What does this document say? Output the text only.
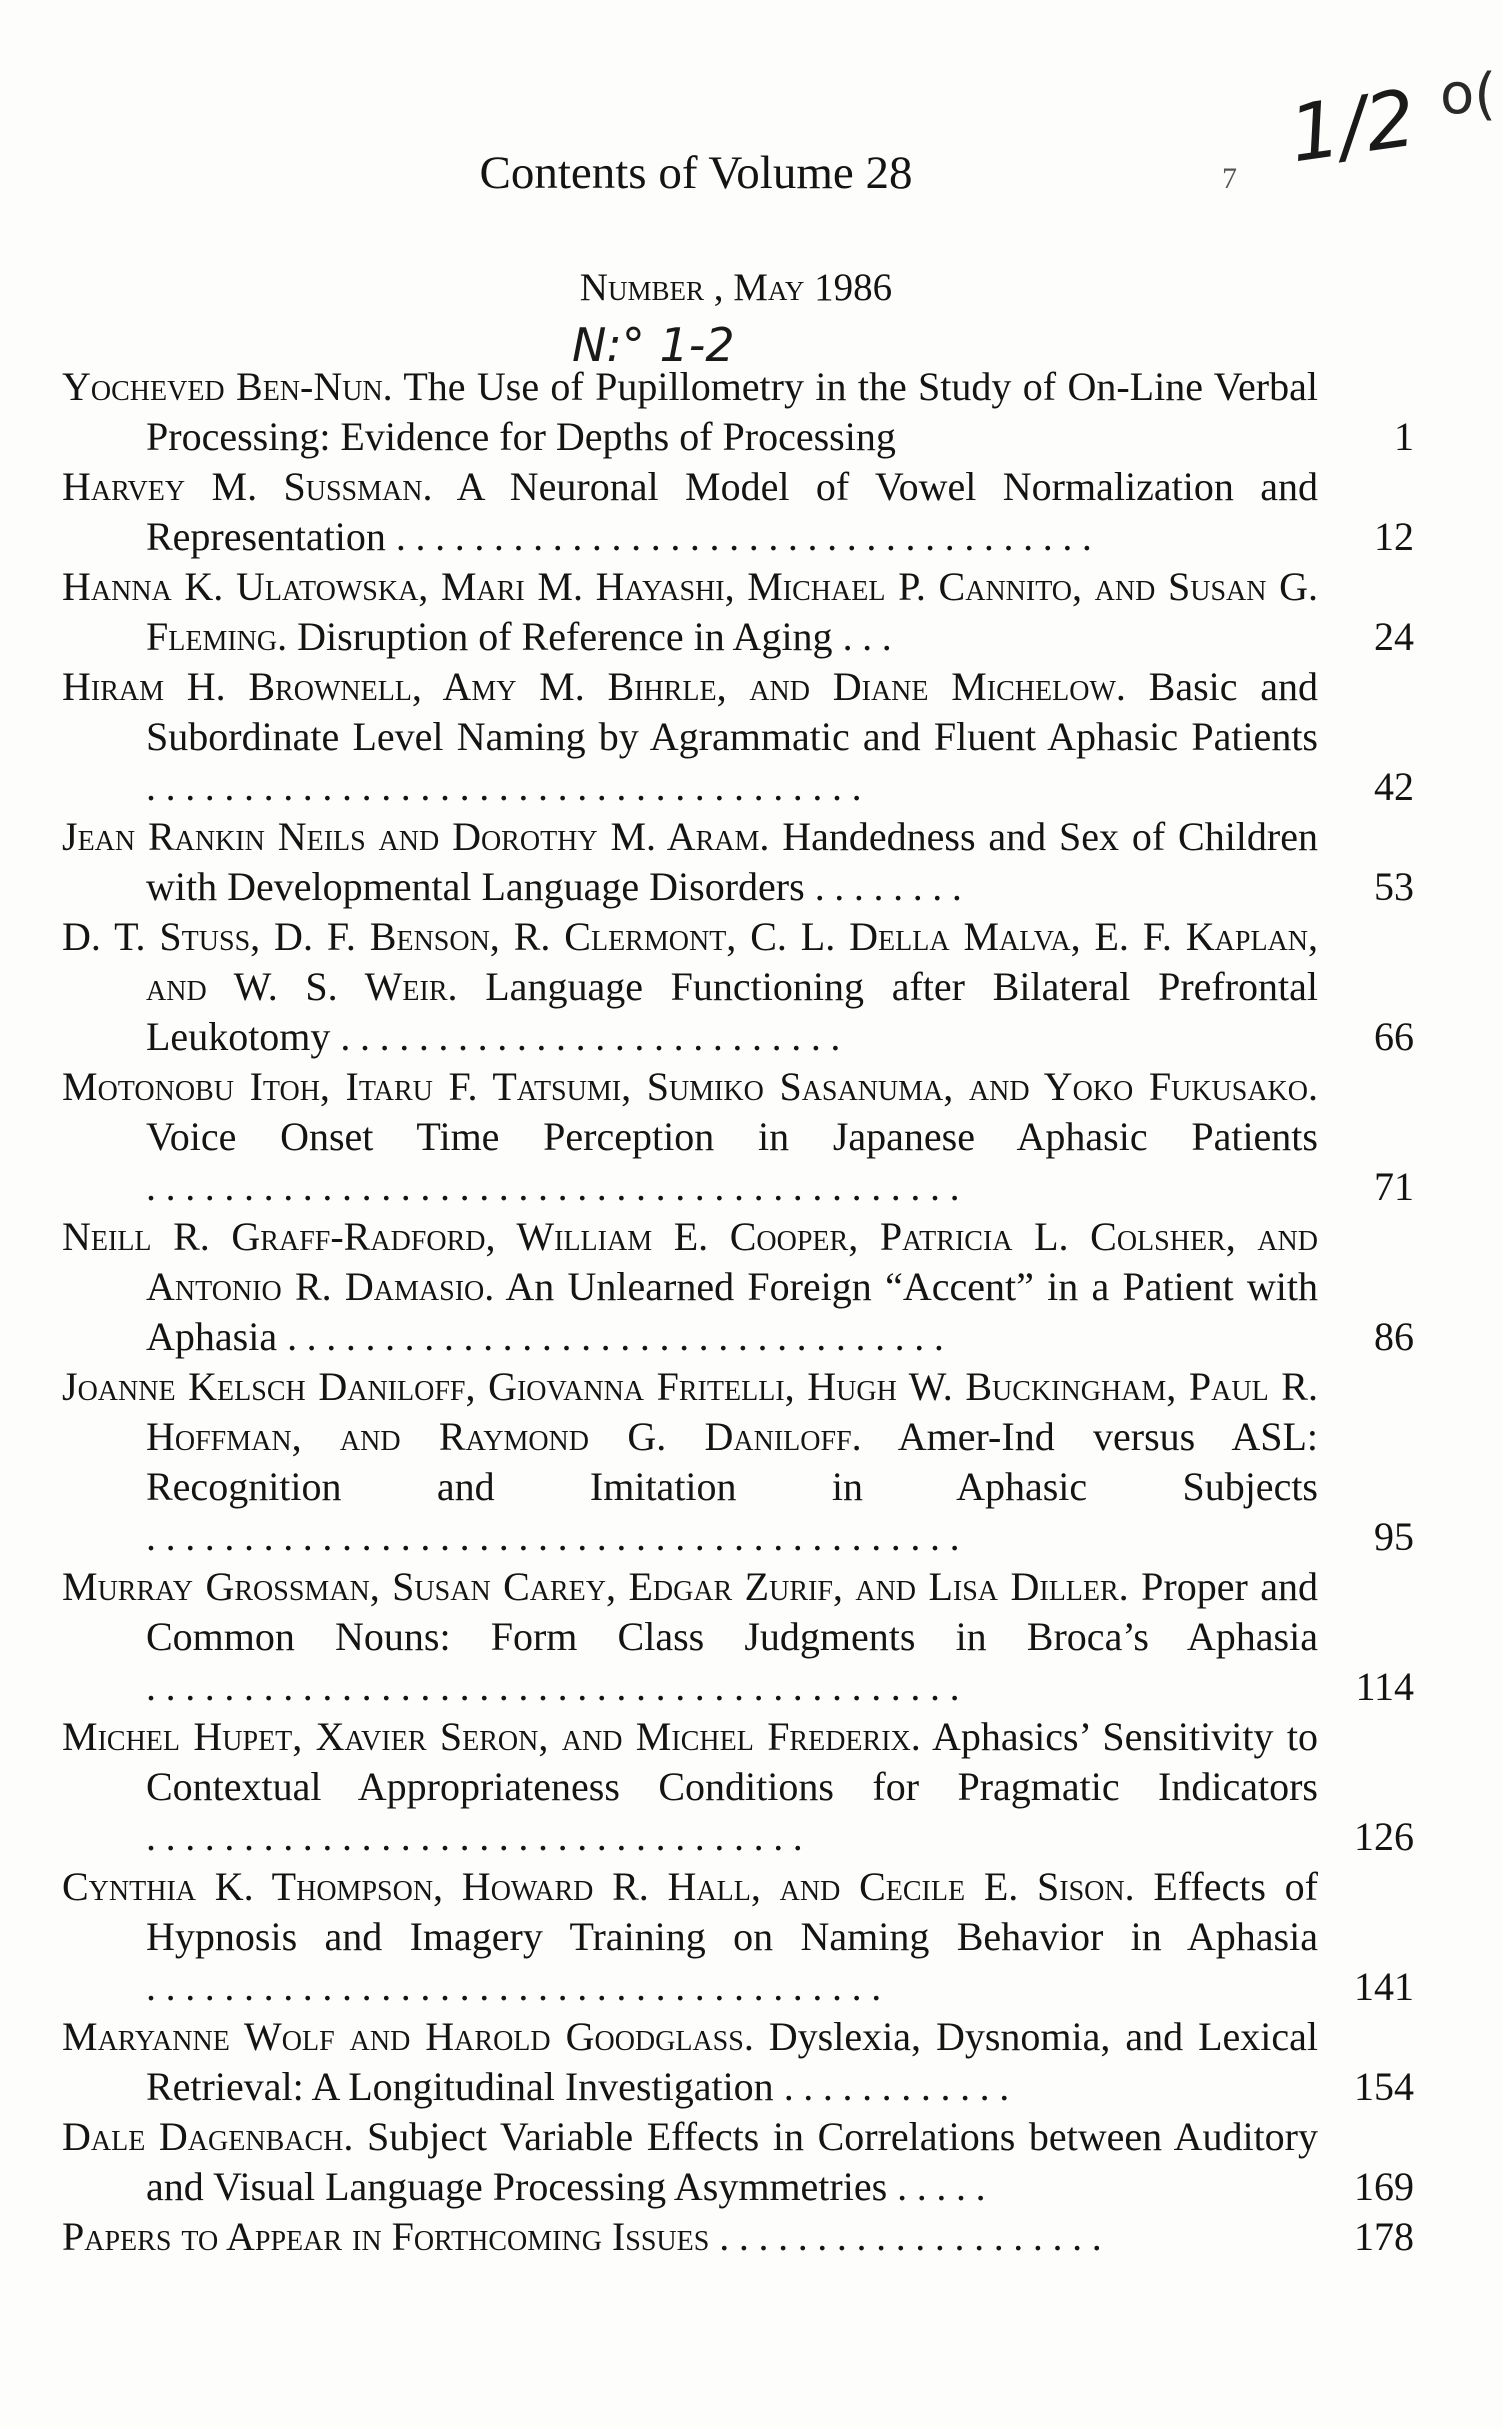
Contents of Volume 28	7 1/2 o(
Number , May 1986
N:° 1-2
Yocheved Ben-Nun. The Use of Pupillometry in the Study of On-Line Verbal Processing: Evidence for Depths of Processing	1
Harvey M. Sussman. A Neuronal Model of Vowel Normalization and Representation ....................................	12
Hanna K. Ulatowska, Mari M. Hayashi, Michael P. Cannito, and Susan G. Fleming. Disruption of Reference in Aging ...	24
Hiram H. Brownell, Amy M. Bihrle, and Diane Michelow. Basic and Subordinate Level Naming by Agrammatic and Fluent Aphasic Patients .....................................	42
Jean Rankin Neils and Dorothy M. Aram. Handedness and Sex of Children with Developmental Language Disorders ........	53
D. T. Stuss, D. F. Benson, R. Clermont, C. L. Della Malva, E. F. Kaplan, and W. S. Weir. Language Functioning after Bilateral Prefrontal Leukotomy ..........................	66
Motonobu Itoh, Itaru F. Tatsumi, Sumiko Sasanuma, and Yoko Fukusako. Voice Onset Time Perception in Japanese Aphasic Patients ..........................................	71
Neill R. Graff-Radford, William E. Cooper, Patricia L. Colsher, and Antonio R. Damasio. An Unlearned Foreign “Accent” in a Patient with Aphasia ..................................	86
Joanne Kelsch Daniloff, Giovanna Fritelli, Hugh W. Buckingham, Paul R. Hoffman, and Raymond G. Daniloff. Amer-Ind versus ASL: Recognition and Imitation in Aphasic Subjects ..........................................	95
Murray Grossman, Susan Carey, Edgar Zurif, and Lisa Diller. Proper and Common Nouns: Form Class Judgments in Broca’s Aphasia ..........................................	114
Michel Hupet, Xavier Seron, and Michel Frederix. Aphasics’ Sensitivity to Contextual Appropriateness Conditions for Pragmatic Indicators ..................................	126
Cynthia K. Thompson, Howard R. Hall, and Cecile E. Sison. Effects of Hypnosis and Imagery Training on Naming Behavior in Aphasia ......................................	141
Maryanne Wolf and Harold Goodglass. Dyslexia, Dysnomia, and Lexical Retrieval: A Longitudinal Investigation ............	154
Dale Dagenbach. Subject Variable Effects in Correlations between Auditory and Visual Language Processing Asymmetries .....	169
Papers to Appear in Forthcoming Issues ....................	178
